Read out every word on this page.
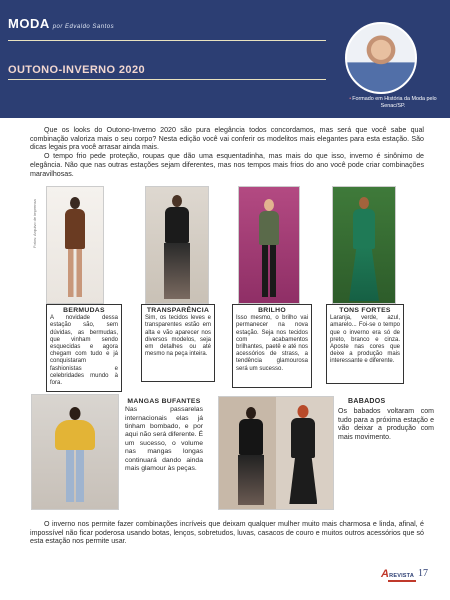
MODA por Edvaldo Santos
OUTONO-INVERNO 2020
•Formado em História da Moda pelo Senac/SP.

Que os looks do Outono-Inverno 2020 são pura elegância todos concordamos, mas será que você sabe qual combinação valoriza mais o seu corpo? Nesta edição você vai conferir os modelitos mais elegantes para esta estação. São dicas legais pra você arrasar ainda mais.

O tempo frio pede proteção, roupas que dão uma esquentadinha, mas mais do que isso, inverno é sinônimo de elegância. Não que nas outras estações sejam diferentes, mas nos tempos mais frios do ano você pode criar combinações maravilhosas.

Fotos: Arquivo de imprensa
BERMUDAS
A novidade dessa estação são, sem dúvidas, as bermudas, que vinham sendo esquecidas e agora chegam com tudo e já conquistaram fashionistas e celebridades mundo à fora.
TRANSPARÊNCIA
Sim, os tecidos leves e transparentes estão em alta e vão aparecer nos diversos modelos, seja em detalhes ou até mesmo na peça inteira.
BRILHO
Isso mesmo, o brilho vai permanecer na nova estação. Seja nos tecidos com acabamentos brilhantes, paetê e até nos acessórios de strass, a tendência glamourosa será um sucesso.
TONS FORTES
Laranja, verde, azul, amarelo... Foi-se o tempo que o inverno era só de preto, branco e cinza. Aposte nas cores que deixe a produção mais interessante e diferente.
MANGAS BUFANTES
Nas passarelas internacionais elas já tinham bombado, e por aqui não será diferente. É um sucesso, o volume nas mangas longas continuará dando ainda mais glamour às peças.
BABADOS
Os babados voltaram com tudo para a próxima estação e vão deixar a produção com mais movimento.
O inverno nos permite fazer combinações incríveis que deixam qualquer mulher muito mais charmosa e linda, afinal, é impossível não ficar poderosa usando botas, lenços, sobretudos, luvas, casacos de couro e muitos outros acessórios que só esta estação nos permite usar.
AREVISTA 17
